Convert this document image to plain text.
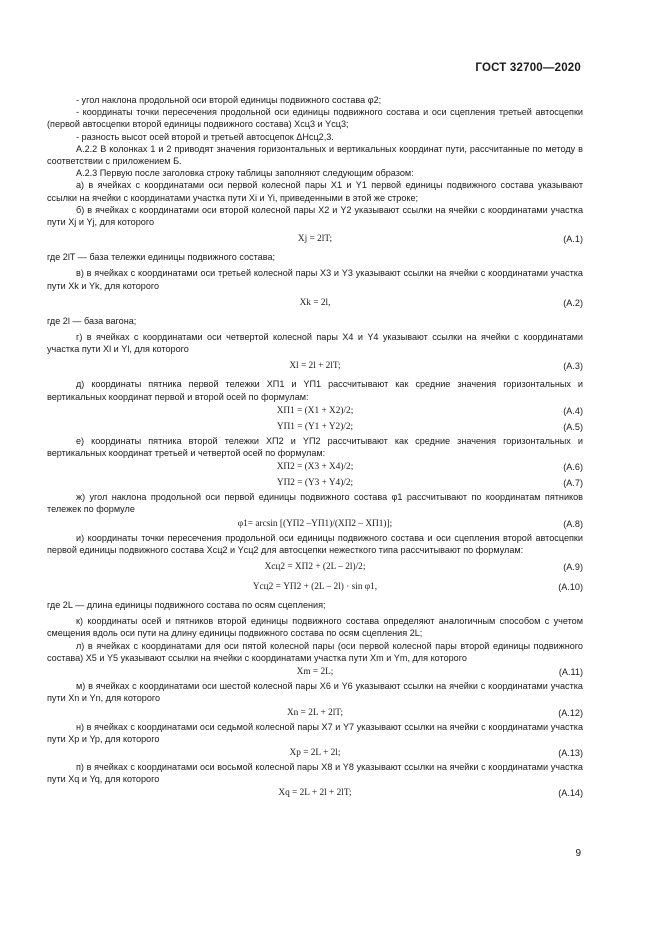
ГОСТ 32700—2020

- угол наклона продольной оси второй единицы подвижного состава φ2;

- координаты точки пересечения продольной оси единицы подвижного состава и оси сцепления третьей автосцепки (первой автосцепки второй единицы подвижного состава) Xсц3 и Yсц3;

- разность высот осей второй и третьей автосцепок ΔHсц2,3.

А.2.2 В колонках 1 и 2 приводят значения горизонтальных и вертикальных координат пути, рассчитанные по методу в соответствии с приложением Б.

А.2.3 Первую после заголовка строку таблицы заполняют следующим образом:

а) в ячейках с координатами оси первой колесной пары X1 и Y1 первой единицы подвижного состава указывают ссылки на ячейки с координатами участка пути Xi и Yi, приведенными в этой же строке;

б) в ячейках с координатами оси второй колесной пары X2 и Y2 указывают ссылки на ячейки с координатами участка пути Xj и Yj, для которого

Xj = 2lT;	(А.1)

где 2lT — база тележки единицы подвижного состава;

в) в ячейках с координатами оси третьей колесной пары X3 и Y3 указывают ссылки на ячейки с координатами участка пути Xk и Yk, для которого

Xk = 2l,	(А.2)

где 2l — база вагона;

г) в ячейках с координатами оси четвертой колесной пары X4 и Y4 указывают ссылки на ячейки с координатами участка пути Xl и Yl, для которого

Xl = 2l + 2lT;	(А.3)

д) координаты пятника первой тележки XП1 и YП1 рассчитывают как средние значения горизонтальных и вертикальных координат первой и второй осей по формулам:

XП1 = (X1 + X2)/2;	(А.4)
YП1 = (Y1 + Y2)/2;	(А.5)

е) координаты пятника второй тележки XП2 и YП2 рассчитывают как средние значения горизонтальных и вертикальных координат третьей и четвертой осей по формулам:

XП2 = (X3 + X4)/2;	(А.6)
YП2 = (Y3 + Y4)/2;	(А.7)

ж) угол наклона продольной оси первой единицы подвижного состава φ1 рассчитывают по координатам пятников тележек по формуле

φ1= arcsin [(YП2 –YП1)/(XП2 – XП1)];	(А.8)

и) координаты точки пересечения продольной оси единицы подвижного состава и оси сцепления второй автосцепки первой единицы подвижного состава Xсц2 и Yсц2 для автосцепки нежесткого типа рассчитывают по формулам:

Xсц2 = XП2 + (2L – 2l)/2;	(А.9)
Yсц2 = YП2 + (2L – 2l) · sin φ1,	(А.10)

где 2L — длина единицы подвижного состава по осям сцепления;

к) координаты осей и пятников второй единицы подвижного состава определяют аналогичным способом с учетом смещения вдоль оси пути на длину единицы подвижного состава по осям сцепления 2L;

л) в ячейках с координатами для оси пятой колесной пары (оси первой колесной пары второй единицы подвижного состава) X5 и Y5 указывают ссылки на ячейки с координатами участка пути Xm и Ym, для которого

Xm = 2L;	(А.11)

м) в ячейках с координатами оси шестой колесной пары X6 и Y6 указывают ссылки на ячейки с координатами участка пути Xn и Yn, для которого

Xn = 2L + 2lT;	(А.12)

н) в ячейках с координатами оси седьмой колесной пары X7 и Y7 указывают ссылки на ячейки с координатами участка пути Xp и Yp, для которого

Xp = 2L + 2l;	(А.13)

п) в ячейках с координатами оси восьмой колесной пары X8 и Y8 указывают ссылки на ячейки с координатами участка пути Xq и Yq, для которого

Xq = 2L + 2l + 2lT;	(А.14)
9
